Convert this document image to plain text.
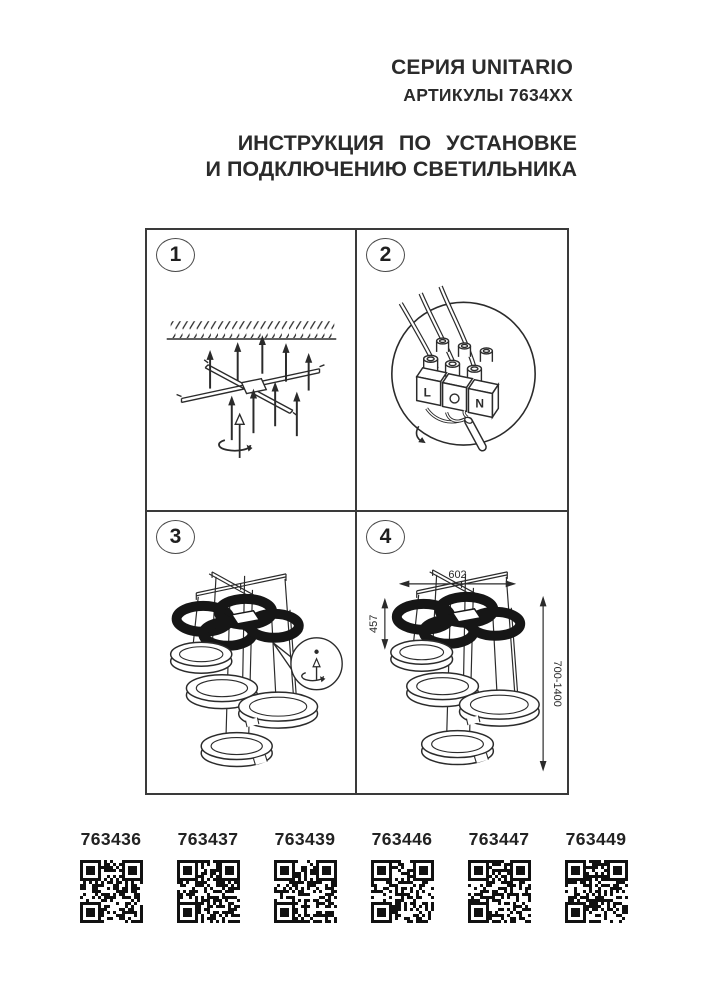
СЕРИЯ UNITARIO
АРТИКУЛЫ 7634XX
ИНСТРУКЦИЯ ПО УСТАНОВКЕ
И ПОДКЛЮЧЕНИЮ СВЕТИЛЬНИКА
1	2
L
N
3	4
602
457
700-1400
763436 763437 763439 763446 763447 763449
